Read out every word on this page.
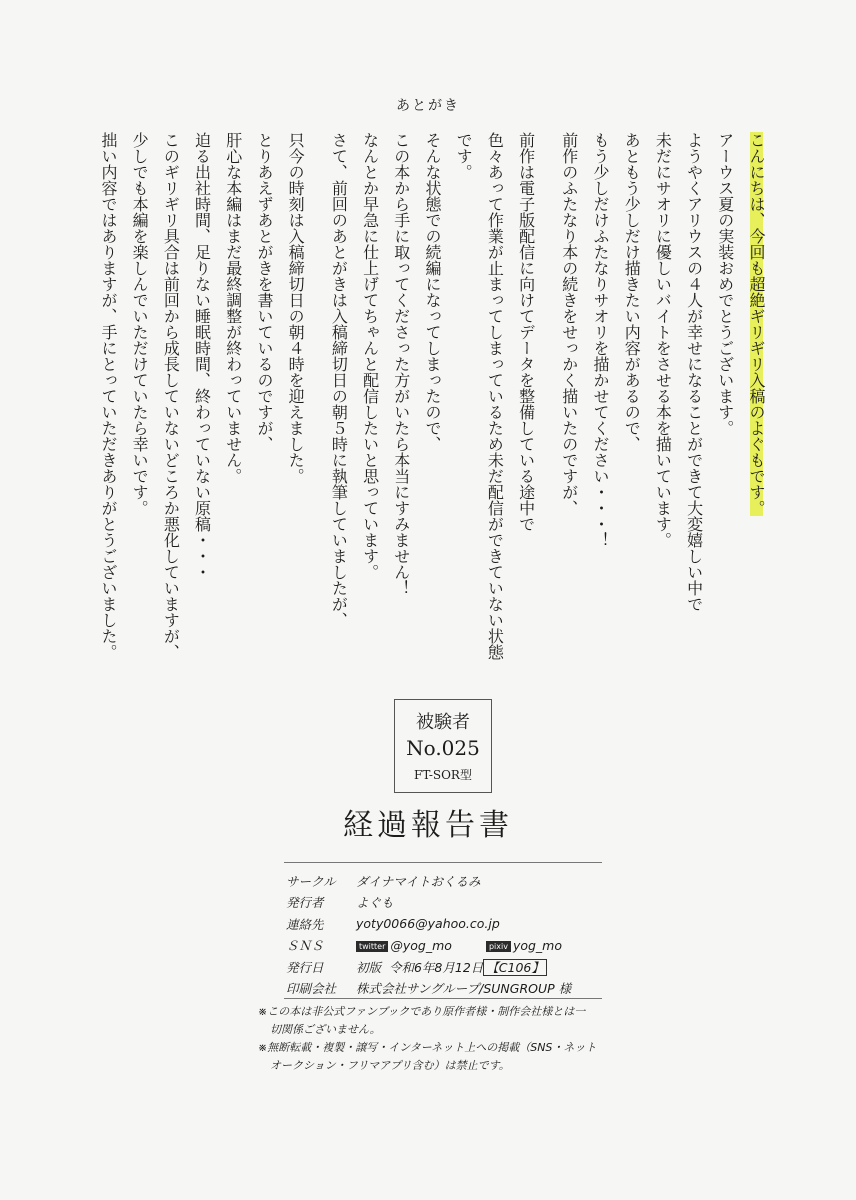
あとがき

こんにちは、今回も超絶ギリギリ入稿のよぐもです。

アーウス夏の実装おめでとうございます。

ようやくアリウスの４人が幸せになることができて大変嬉しい中で

未だにサオリに優しいバイトをさせる本を描いています。

あともう少しだけ描きたい内容があるので、

もう少しだけふたなりサオリを描かせてください・・・！

前作のふたなり本の続きをせっかく描いたのですが、

前作は電子版配信に向けてデータを整備している途中で

色々あって作業が止まってしまっているため未だ配信ができていない状態です。

そんな状態での続編になってしまったので、

この本から手に取ってくださった方がいたら本当にすみません！

なんとか早急に仕上げてちゃんと配信したいと思っています。

さて、前回のあとがきは入稿締切日の朝５時に執筆していましたが、

只今の時刻は入稿締切日の朝４時を迎えました。

とりあえずあとがきを書いているのですが、

肝心な本編はまだ最終調整が終わっていません。

迫る出社時間、足りない睡眠時間、終わっていない原稿・・・

このギリギリ具合は前回から成長していないどころか悪化していますが、

少しでも本編を楽しんでいただけていたら幸いです。

拙い内容ではありますが、手にとっていただきありがとうございました。

被験者
No.025
FT-SOR型
経過報告書
サークル	ダイナマイトおくるみ
発行者	よぐも
連絡先	yoty0066@yahoo.co.jp
ＳＮＳ	twitter @yog_mo	pixiv yog_mo
発行日	初版 令和6年8月12日 【C106】
印刷会社	株式会社サングループ/SUNGROUP 様

※この本は非公式ファンブックであり原作者様・制作会社様とは一

切関係ございません。

※無断転載・複製・譲写・インターネット上への掲載（SNS・ネット

オークション・フリマアプリ含む）は禁止です。
